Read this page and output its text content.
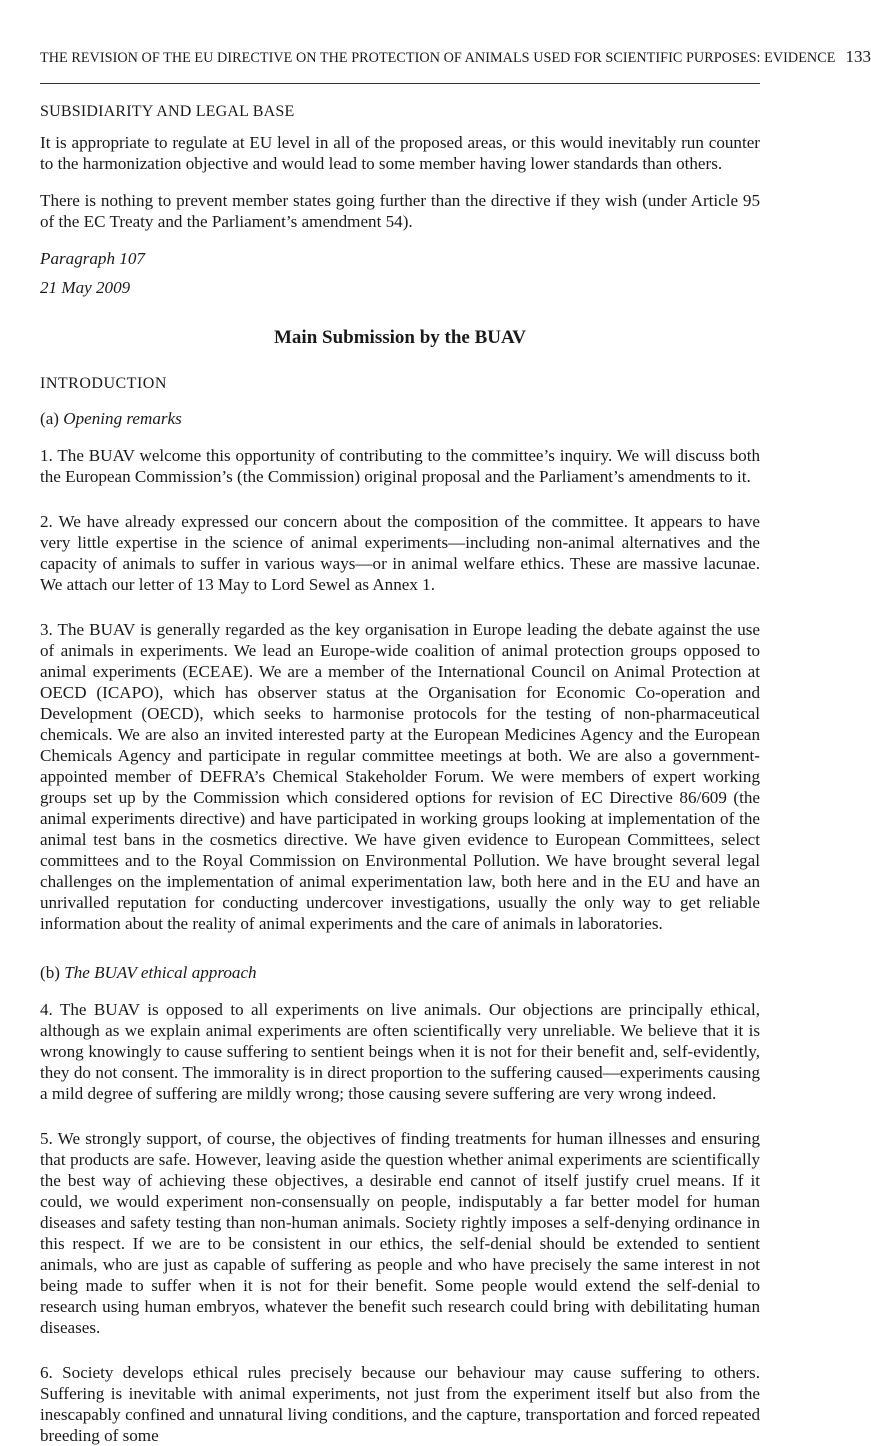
THE REVISION OF THE EU DIRECTIVE ON THE PROTECTION OF ANIMALS USED FOR SCIENTIFIC PURPOSES: EVIDENCE 133
SUBSIDIARITY AND LEGAL BASE

It is appropriate to regulate at EU level in all of the proposed areas, or this would inevitably run counter to the harmonization objective and would lead to some member having lower standards than others.

There is nothing to prevent member states going further than the directive if they wish (under Article 95 of the EC Treaty and the Parliament’s amendment 54).

Paragraph 107

21 May 2009

Main Submission by the BUAV
INTRODUCTION
(a) Opening remarks

1. The BUAV welcome this opportunity of contributing to the committee’s inquiry. We will discuss both the European Commission’s (the Commission) original proposal and the Parliament’s amendments to it.

2. We have already expressed our concern about the composition of the committee. It appears to have very little expertise in the science of animal experiments—including non-animal alternatives and the capacity of animals to suffer in various ways—or in animal welfare ethics. These are massive lacunae. We attach our letter of 13 May to Lord Sewel as Annex 1.

3. The BUAV is generally regarded as the key organisation in Europe leading the debate against the use of animals in experiments. We lead an Europe-wide coalition of animal protection groups opposed to animal experiments (ECEAE). We are a member of the International Council on Animal Protection at OECD (ICAPO), which has observer status at the Organisation for Economic Co-operation and Development (OECD), which seeks to harmonise protocols for the testing of non-pharmaceutical chemicals. We are also an invited interested party at the European Medicines Agency and the European Chemicals Agency and participate in regular committee meetings at both. We are also a government-appointed member of DEFRA’s Chemical Stakeholder Forum. We were members of expert working groups set up by the Commission which considered options for revision of EC Directive 86/609 (the animal experiments directive) and have participated in working groups looking at implementation of the animal test bans in the cosmetics directive. We have given evidence to European Committees, select committees and to the Royal Commission on Environmental Pollution. We have brought several legal challenges on the implementation of animal experimentation law, both here and in the EU and have an unrivalled reputation for conducting undercover investigations, usually the only way to get reliable information about the reality of animal experiments and the care of animals in laboratories.

(b) The BUAV ethical approach

4. The BUAV is opposed to all experiments on live animals. Our objections are principally ethical, although as we explain animal experiments are often scientifically very unreliable. We believe that it is wrong knowingly to cause suffering to sentient beings when it is not for their benefit and, self-evidently, they do not consent. The immorality is in direct proportion to the suffering caused—experiments causing a mild degree of suffering are mildly wrong; those causing severe suffering are very wrong indeed.

5. We strongly support, of course, the objectives of finding treatments for human illnesses and ensuring that products are safe. However, leaving aside the question whether animal experiments are scientifically the best way of achieving these objectives, a desirable end cannot of itself justify cruel means. If it could, we would experiment non-consensually on people, indisputably a far better model for human diseases and safety testing than non-human animals. Society rightly imposes a self-denying ordinance in this respect. If we are to be consistent in our ethics, the self-denial should be extended to sentient animals, who are just as capable of suffering as people and who have precisely the same interest in not being made to suffer when it is not for their benefit. Some people would extend the self-denial to research using human embryos, whatever the benefit such research could bring with debilitating human diseases.

6. Society develops ethical rules precisely because our behaviour may cause suffering to others. Suffering is inevitable with animal experiments, not just from the experiment itself but also from the inescapably confined and unnatural living conditions, and the capture, transportation and forced repeated breeding of some
